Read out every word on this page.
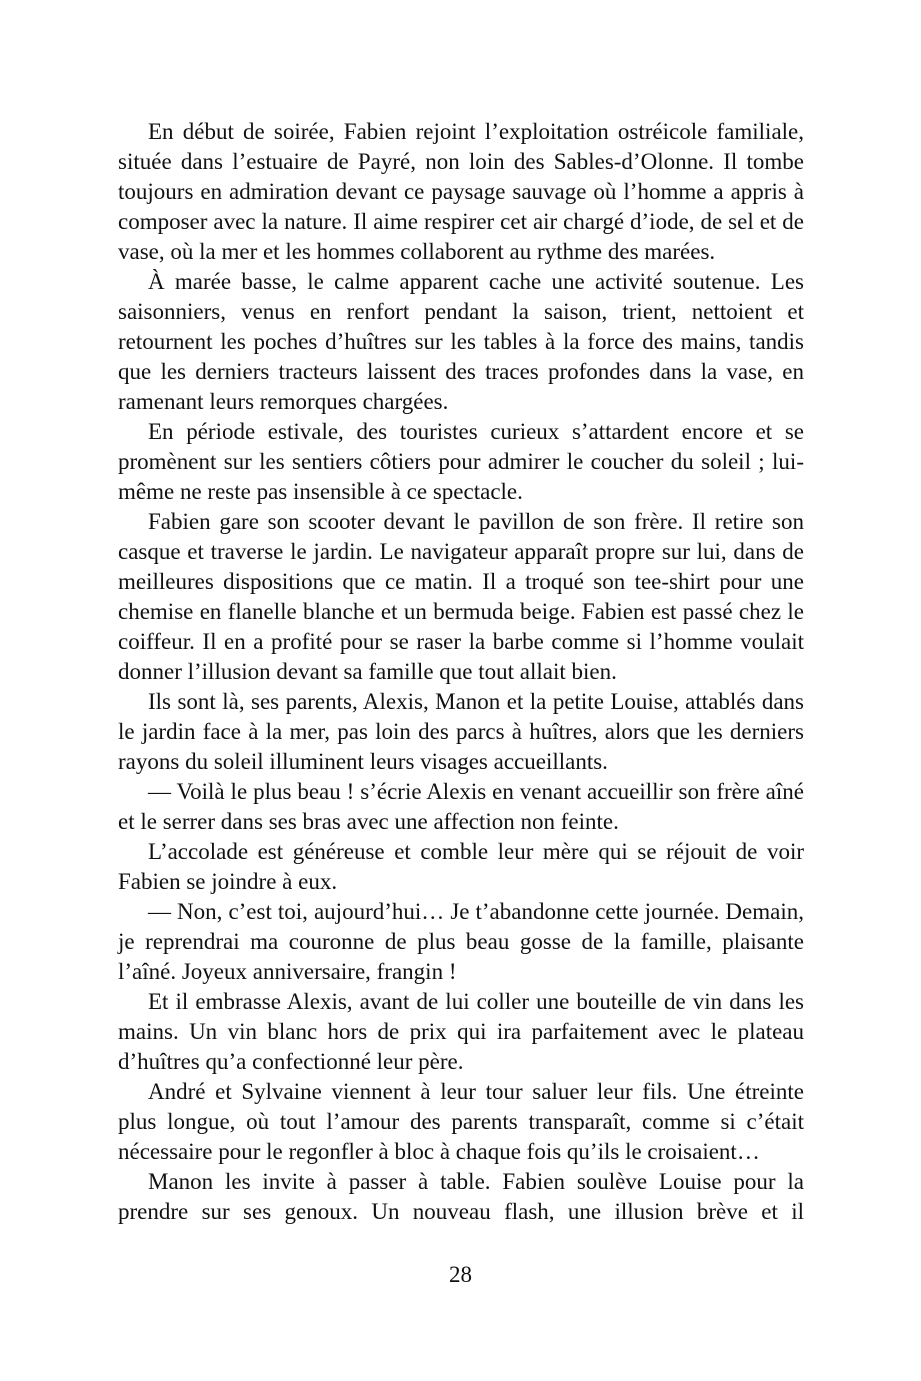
En début de soirée, Fabien rejoint l’exploitation ostréicole familiale, située dans l’estuaire de Payré, non loin des Sables-d’Olonne. Il tombe toujours en admiration devant ce paysage sauvage où l’homme a appris à composer avec la nature. Il aime respirer cet air chargé d’iode, de sel et de vase, où la mer et les hommes collaborent au rythme des marées.

À marée basse, le calme apparent cache une activité soutenue. Les saisonniers, venus en renfort pendant la saison, trient, nettoient et retournent les poches d’huîtres sur les tables à la force des mains, tandis que les derniers tracteurs laissent des traces profondes dans la vase, en ramenant leurs remorques chargées.

En période estivale, des touristes curieux s’attardent encore et se promènent sur les sentiers côtiers pour admirer le coucher du soleil ; lui-même ne reste pas insensible à ce spectacle.

Fabien gare son scooter devant le pavillon de son frère. Il retire son casque et traverse le jardin. Le navigateur apparaît propre sur lui, dans de meilleures dispositions que ce matin. Il a troqué son tee-shirt pour une chemise en flanelle blanche et un bermuda beige. Fabien est passé chez le coiffeur. Il en a profité pour se raser la barbe comme si l’homme voulait donner l’illusion devant sa famille que tout allait bien.

Ils sont là, ses parents, Alexis, Manon et la petite Louise, attablés dans le jardin face à la mer, pas loin des parcs à huîtres, alors que les derniers rayons du soleil illuminent leurs visages accueillants.

— Voilà le plus beau ! s’écrie Alexis en venant accueillir son frère aîné et le serrer dans ses bras avec une affection non feinte.

L’accolade est généreuse et comble leur mère qui se réjouit de voir Fabien se joindre à eux.

— Non, c’est toi, aujourd’hui… Je t’abandonne cette journée. Demain, je reprendrai ma couronne de plus beau gosse de la famille, plaisante l’aîné. Joyeux anniversaire, frangin !

Et il embrasse Alexis, avant de lui coller une bouteille de vin dans les mains. Un vin blanc hors de prix qui ira parfaitement avec le plateau d’huîtres qu’a confectionné leur père.

André et Sylvaine viennent à leur tour saluer leur fils. Une étreinte plus longue, où tout l’amour des parents transparaît, comme si c’était nécessaire pour le regonfler à bloc à chaque fois qu’ils le croisaient…

Manon les invite à passer à table. Fabien soulève Louise pour la prendre sur ses genoux. Un nouveau flash, une illusion brève et il

28
